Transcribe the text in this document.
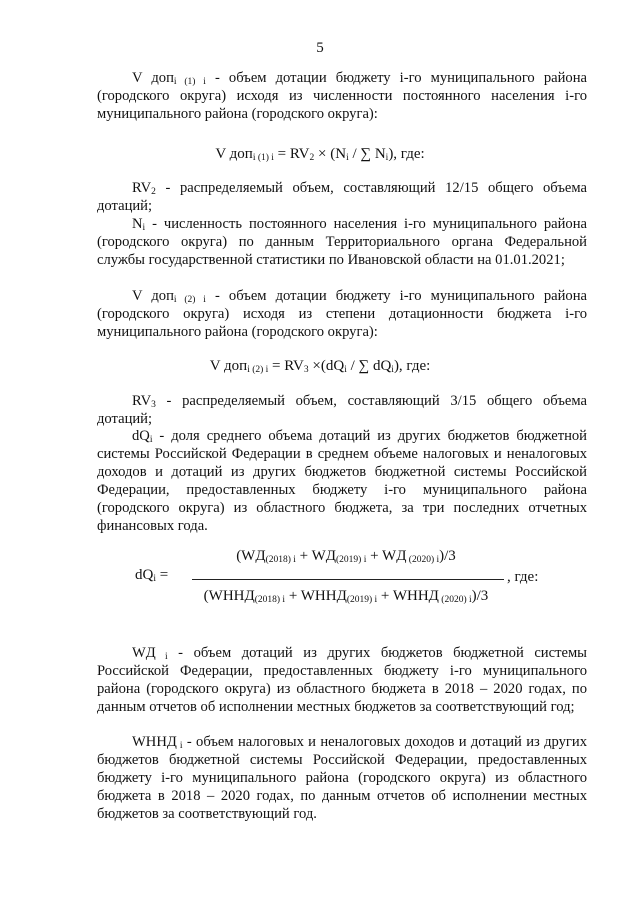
5

V доп$_{i (1) i}$ - объем дотации бюджету i-го муниципального района (городского округа) исходя из численности постоянного населения i-го муниципального района (городского округа):

V $доп_{i (1) i} = RV_2 \times (N_i$ / ∑ $N_i$), где:

$RV_2$ - распределяемый объем, составляющий 12/15 общего объема дотаций;

$N_i$ - численность постоянного населения i-го муниципального района (городского округа) по данным Территориального органа Федеральной службы государственной статистики по Ивановской области на 01.01.2021;

V доп$_{i (2) i}$ - объем дотации бюджету i-го муниципального района (городского округа) исходя из степени дотационности бюджета i-го муниципального района (городского округа):

V $доп_{i (2) i} = RV_3 \times(dQ_i$ / ∑ $dQ_i$), где:

$RV_3$ - распределяемый объем, составляющий 3/15 общего объема дотаций;

$dQ_i$ - доля среднего объема дотаций из других бюджетов бюджетной системы Российской Федерации в среднем объеме налоговых и неналоговых доходов и дотаций из других бюджетов бюджетной системы Российской Федерации, предоставленных бюджету i-го муниципального района (городского округа) из областного бюджета, за три последних отчетных финансовых года.

$dQ_i$ =
($WД_{(2018) i} + WД_{(2019) i}$ + WД $_{(2020) i}$)/3
($WННД_{(2018) i}$ + $WННД_{(2019) i}$ + WННД $_{(2020) i}$)/3
, где:

WД $_i$ - объем дотаций из других бюджетов бюджетной системы Российской Федерации, предоставленных бюджету i-го муниципального района (городского округа) из областного бюджета в 2018 – 2020 годах, по данным отчетов об исполнении местных бюджетов за соответствующий год;

WННД $_i$ - объем налоговых и неналоговых доходов и дотаций из других бюджетов бюджетной системы Российской Федерации, предоставленных бюджету i-го муниципального района (городского округа) из областного бюджета в 2018 – 2020 годах, по данным отчетов об исполнении местных бюджетов за соответствующий год.
